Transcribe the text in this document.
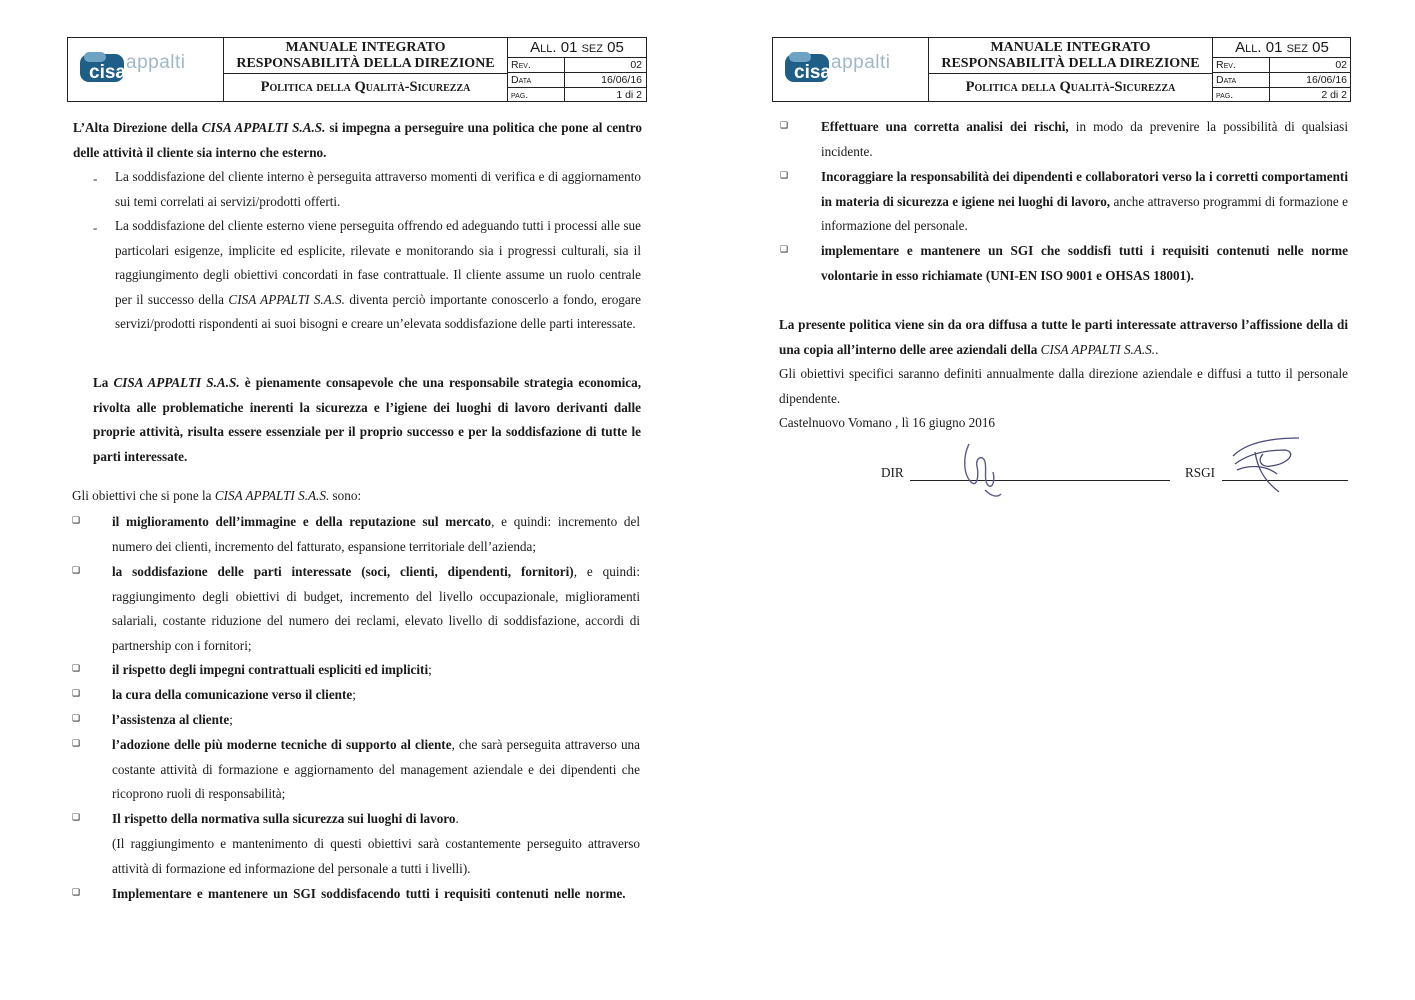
cisa appalti
MANUALE INTEGRATO
RESPONSABILITÀ DELLA DIREZIONE
Politica della Qualità-Sicurezza
All. 01 sez 05
Rev.	02
Data	16/06/16
pag.	1 di 2
L’Alta Direzione della CISA APPALTI S.A.S. si impegna a perseguire una politica che pone al centro delle attività il cliente sia interno che esterno.
- La soddisfazione del cliente interno è perseguita attraverso momenti di verifica e di aggiornamento sui temi correlati ai servizi/prodotti offerti.
- La soddisfazione del cliente esterno viene perseguita offrendo ed adeguando tutti i processi alle sue particolari esigenze, implicite ed esplicite, rilevate e monitorando sia i progressi culturali, sia il raggiungimento degli obiettivi concordati in fase contrattuale. Il cliente assume un ruolo centrale per il successo della CISA APPALTI S.A.S. diventa perciò importante conoscerlo a fondo, erogare servizi/prodotti rispondenti ai suoi bisogni e creare un’elevata soddisfazione delle parti interessate.
La CISA APPALTI S.A.S. è pienamente consapevole che una responsabile strategia economica, rivolta alle problematiche inerenti la sicurezza e l’igiene dei luoghi di lavoro derivanti dalle proprie attività, risulta essere essenziale per il proprio successo e per la soddisfazione di tutte le parti interessate.
Gli obiettivi che si pone la CISA APPALTI S.A.S. sono:
❑ il miglioramento dell’immagine e della reputazione sul mercato, e quindi: incremento del numero dei clienti, incremento del fatturato, espansione territoriale dell’azienda;
❑ la soddisfazione delle parti interessate (soci, clienti, dipendenti, fornitori), e quindi: raggiungimento degli obiettivi di budget, incremento del livello occupazionale, miglioramenti salariali, costante riduzione del numero dei reclami, elevato livello di soddisfazione, accordi di partnership con i fornitori;
❑ il rispetto degli impegni contrattuali espliciti ed impliciti;
❑ la cura della comunicazione verso il cliente;
❑ l’assistenza al cliente;
❑ l’adozione delle più moderne tecniche di supporto al cliente, che sarà perseguita attraverso una costante attività di formazione e aggiornamento del management aziendale e dei dipendenti che ricoprono ruoli di responsabilità;
❑ Il rispetto della normativa sulla sicurezza sui luoghi di lavoro.
(Il raggiungimento e mantenimento di questi obiettivi sarà costantemente perseguito attraverso attività di formazione ed informazione del personale a tutti i livelli).
❑ Implementare e mantenere un SGI soddisfacendo tutti i requisiti contenuti nelle norme.
cisa appalti
MANUALE INTEGRATO
RESPONSABILITÀ DELLA DIREZIONE
Politica della Qualità-Sicurezza
All. 01 sez 05
Rev.	02
Data	16/06/16
pag.	2 di 2
❑ Effettuare una corretta analisi dei rischi, in modo da prevenire la possibilità di qualsiasi incidente.
❑ Incoraggiare la responsabilità dei dipendenti e collaboratori verso la i corretti comportamenti in materia di sicurezza e igiene nei luoghi di lavoro, anche attraverso programmi di formazione e informazione del personale.
❑ implementare e mantenere un SGI che soddisfi tutti i requisiti contenuti nelle norme volontarie in esso richiamate (UNI-EN ISO 9001 e OHSAS 18001).
La presente politica viene sin da ora diffusa a tutte le parti interessate attraverso l’affissione della di una copia all’interno delle aree aziendali della CISA APPALTI S.A.S..
Gli obiettivi specifici saranno definiti annualmente dalla direzione aziendale e diffusi a tutto il personale dipendente.
Castelnuovo Vomano , lì 16 giugno 2016
DIR	RSGI
